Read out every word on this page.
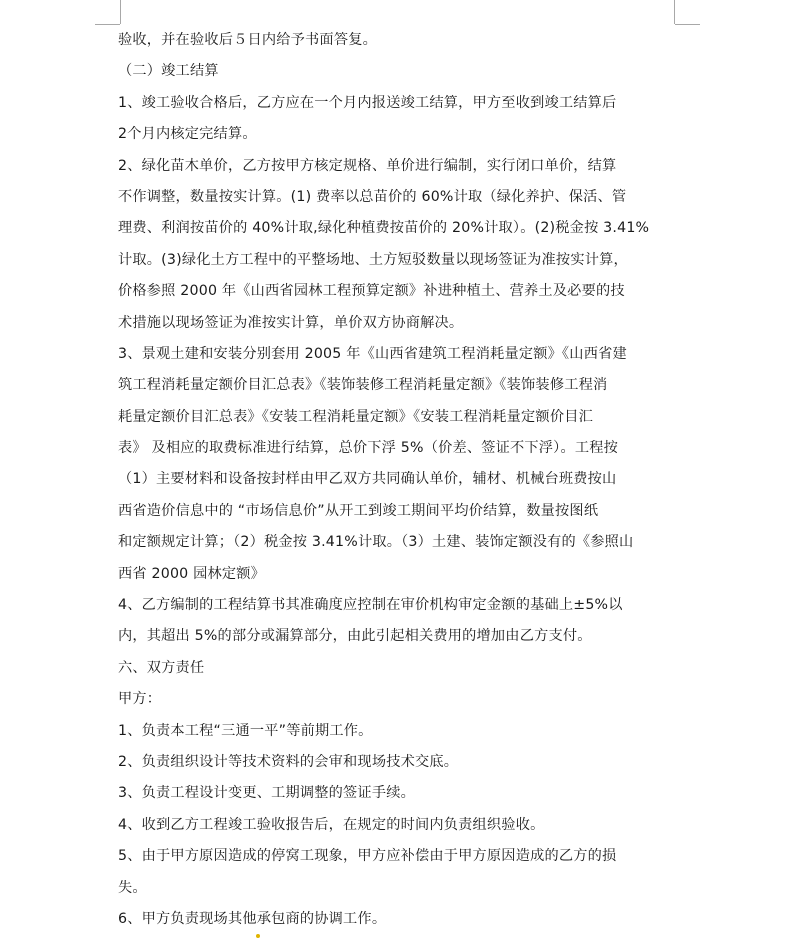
验收，并在验收后５日内给予书面答复。
（二）竣工结算
1、竣工验收合格后，乙方应在一个月内报送竣工结算，甲方至收到竣工结算后
2个月内核定完结算。
2、绿化苗木单价，乙方按甲方核定规格、单价进行编制，实行闭口单价，结算
不作调整，数量按实计算。(1) 费率以总苗价的 60%计取（绿化养护、保活、管
理费、利润按苗价的 40%计取,绿化种植费按苗价的 20%计取）。(2)税金按 3.41%
计取。(3)绿化土方工程中的平整场地、土方短驳数量以现场签证为准按实计算，
价格参照 2000 年《山西省园林工程预算定额》补进种植土、营养土及必要的技
术措施以现场签证为准按实计算，单价双方协商解决。
3、景观土建和安装分别套用 2005 年《山西省建筑工程消耗量定额》《山西省建
筑工程消耗量定额价目汇总表》《装饰装修工程消耗量定额》《装饰装修工程消
耗量定额价目汇总表》《安装工程消耗量定额》《安装工程消耗量定额价目汇
表》 及相应的取费标准进行结算，总价下浮 5%（价差、签证不下浮）。工程按
（1）主要材料和设备按封样由甲乙双方共同确认单价，辅材、机械台班费按山
西省造价信息中的 “市场信息价”从开工到竣工期间平均价结算，数量按图纸
和定额规定计算；（2）税金按 3.41%计取。（3）土建、装饰定额没有的《参照山
西省 2000 园林定额》
4、乙方编制的工程结算书其准确度应控制在审价机构审定金额的基础上±5%以
内，其超出 5%的部分或漏算部分，由此引起相关费用的增加由乙方支付。
六、双方责任
甲方：
1、负责本工程“三通一平”等前期工作。
2、负责组织设计等技术资料的会审和现场技术交底。
3、负责工程设计变更、工期调整的签证手续。
4、收到乙方工程竣工验收报告后，在规定的时间内负责组织验收。
5、由于甲方原因造成的停窝工现象，甲方应补偿由于甲方原因造成的乙方的损
失。
6、甲方负责现场其他承包商的协调工作。
